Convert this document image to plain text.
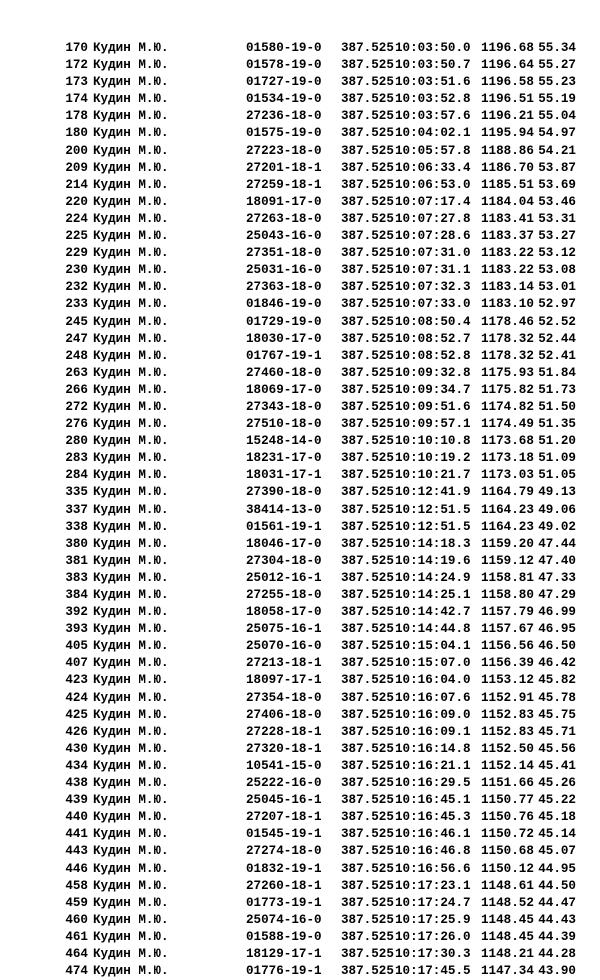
170 Кудин М.Ю.	01580-19-0 387.525 10:03:50.0 1196.68 55.34
172 Кудин М.Ю.	01578-19-0 387.525 10:03:50.7 1196.64 55.27
173 Кудин М.Ю.	01727-19-0 387.525 10:03:51.6 1196.58 55.23
174 Кудин М.Ю.	01534-19-0 387.525 10:03:52.8 1196.51 55.19
178 Кудин М.Ю.	27236-18-0 387.525 10:03:57.6 1196.21 55.04
180 Кудин М.Ю.	01575-19-0 387.525 10:04:02.1 1195.94 54.97
200 Кудин М.Ю.	27223-18-0 387.525 10:05:57.8 1188.86 54.21
209 Кудин М.Ю.	27201-18-1 387.525 10:06:33.4 1186.70 53.87
214 Кудин М.Ю.	27259-18-1 387.525 10:06:53.0 1185.51 53.69
220 Кудин М.Ю.	18091-17-0 387.525 10:07:17.4 1184.04 53.46
224 Кудин М.Ю.	27263-18-0 387.525 10:07:27.8 1183.41 53.31
225 Кудин М.Ю.	25043-16-0 387.525 10:07:28.6 1183.37 53.27
229 Кудин М.Ю.	27351-18-0 387.525 10:07:31.0 1183.22 53.12
230 Кудин М.Ю.	25031-16-0 387.525 10:07:31.1 1183.22 53.08
232 Кудин М.Ю.	27363-18-0 387.525 10:07:32.3 1183.14 53.01
233 Кудин М.Ю.	01846-19-0 387.525 10:07:33.0 1183.10 52.97
245 Кудин М.Ю.	01729-19-0 387.525 10:08:50.4 1178.46 52.52
247 Кудин М.Ю.	18030-17-0 387.525 10:08:52.7 1178.32 52.44
248 Кудин М.Ю.	01767-19-1 387.525 10:08:52.8 1178.32 52.41
263 Кудин М.Ю.	27460-18-0 387.525 10:09:32.8 1175.93 51.84
266 Кудин М.Ю.	18069-17-0 387.525 10:09:34.7 1175.82 51.73
272 Кудин М.Ю.	27343-18-0 387.525 10:09:51.6 1174.82 51.50
276 Кудин М.Ю.	27510-18-0 387.525 10:09:57.1 1174.49 51.35
280 Кудин М.Ю.	15248-14-0 387.525 10:10:10.8 1173.68 51.20
283 Кудин М.Ю.	18231-17-0 387.525 10:10:19.2 1173.18 51.09
284 Кудин М.Ю.	18031-17-1 387.525 10:10:21.7 1173.03 51.05
335 Кудин М.Ю.	27390-18-0 387.525 10:12:41.9 1164.79 49.13
337 Кудин М.Ю.	38414-13-0 387.525 10:12:51.5 1164.23 49.06
338 Кудин М.Ю.	01561-19-1 387.525 10:12:51.5 1164.23 49.02
380 Кудин М.Ю.	18046-17-0 387.525 10:14:18.3 1159.20 47.44
381 Кудин М.Ю.	27304-18-0 387.525 10:14:19.6 1159.12 47.40
383 Кудин М.Ю.	25012-16-1 387.525 10:14:24.9 1158.81 47.33
384 Кудин М.Ю.	27255-18-0 387.525 10:14:25.1 1158.80 47.29
392 Кудин М.Ю.	18058-17-0 387.525 10:14:42.7 1157.79 46.99
393 Кудин М.Ю.	25075-16-1 387.525 10:14:44.8 1157.67 46.95
405 Кудин М.Ю.	25070-16-0 387.525 10:15:04.1 1156.56 46.50
407 Кудин М.Ю.	27213-18-1 387.525 10:15:07.0 1156.39 46.42
423 Кудин М.Ю.	18097-17-1 387.525 10:16:04.0 1153.12 45.82
424 Кудин М.Ю.	27354-18-0 387.525 10:16:07.6 1152.91 45.78
425 Кудин М.Ю.	27406-18-0 387.525 10:16:09.0 1152.83 45.75
426 Кудин М.Ю.	27228-18-1 387.525 10:16:09.1 1152.83 45.71
430 Кудин М.Ю.	27320-18-1 387.525 10:16:14.8 1152.50 45.56
434 Кудин М.Ю.	10541-15-0 387.525 10:16:21.1 1152.14 45.41
438 Кудин М.Ю.	25222-16-0 387.525 10:16:29.5 1151.66 45.26
439 Кудин М.Ю.	25045-16-1 387.525 10:16:45.1 1150.77 45.22
440 Кудин М.Ю.	27207-18-1 387.525 10:16:45.3 1150.76 45.18
441 Кудин М.Ю.	01545-19-1 387.525 10:16:46.1 1150.72 45.14
443 Кудин М.Ю.	27274-18-0 387.525 10:16:46.8 1150.68 45.07
446 Кудин М.Ю.	01832-19-1 387.525 10:16:56.6 1150.12 44.95
458 Кудин М.Ю.	27260-18-1 387.525 10:17:23.1 1148.61 44.50
459 Кудин М.Ю.	01773-19-1 387.525 10:17:24.7 1148.52 44.47
460 Кудин М.Ю.	25074-16-0 387.525 10:17:25.9 1148.45 44.43
461 Кудин М.Ю.	01588-19-0 387.525 10:17:26.0 1148.45 44.39
464 Кудин М.Ю.	18129-17-1 387.525 10:17:30.3 1148.21 44.28
474 Кудин М.Ю.	01776-19-1 387.525 10:17:45.5 1147.34 43.90
